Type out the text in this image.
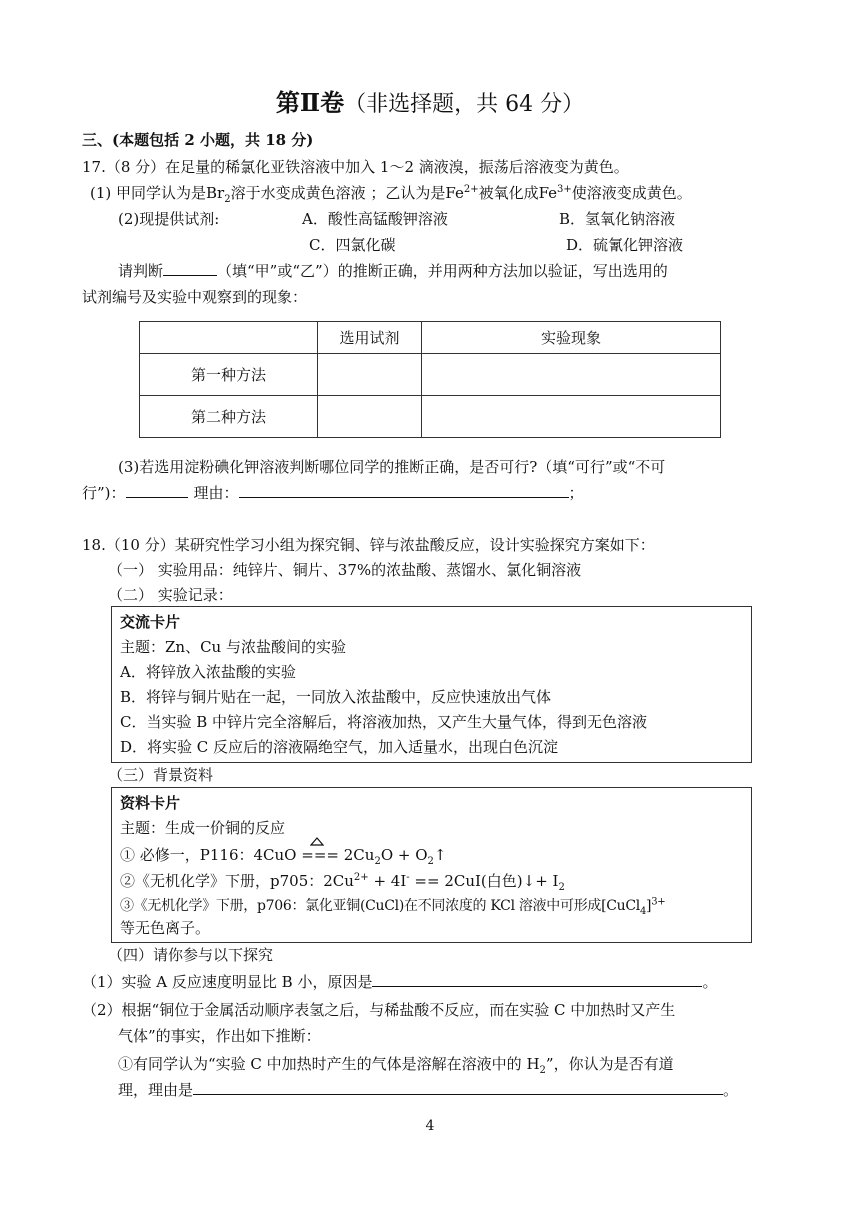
第Ⅱ卷（非选择题，共 64 分）
三、(本题包括 2 小题，共 18 分)
17.（8 分）在足量的稀氯化亚铁溶液中加入 1～2 滴液溴，振荡后溶液变为黄色。
(1) 甲同学认为是$Br_2$溶于水变成黄色溶液 ；乙认为是$Fe^{2+}$被氧化成$Fe^{3+}$使溶液变成黄色。
(2)现提供试剂:	A．酸性高锰酸钾溶液	B．氢氧化钠溶液
C．四氯化碳	D．硫氰化钾溶液
请判断	（填“甲”或“乙”）的推断正确，并用两种方法加以验证，写出选用的
试剂编号及实验中观察到的现象：
	选用试剂	实验现象
第一种方法		
第二种方法		
(3)若选用淀粉碘化钾溶液判断哪位同学的推断正确，是否可行?（填“可行”或“不可
行”)：	理由：	；
18.（10 分）某研究性学习小组为探究铜、锌与浓盐酸反应，设计实验探究方案如下：
（一） 实验用品：纯锌片、铜片、37%的浓盐酸、蒸馏水、氯化铜溶液
（二） 实验记录：
交流卡片
主题：Zn、Cu 与浓盐酸间的实验
A．将锌放入浓盐酸的实验
B．将锌与铜片贴在一起，一同放入浓盐酸中，反应快速放出气体
C．当实验 B 中锌片完全溶解后，将溶液加热，又产生大量气体，得到无色溶液
D．将实验 C 反应后的溶液隔绝空气，加入适量水，出现白色沉淀
（三）背景资料
资料卡片
主题：生成一价铜的反应
① 必修一，P116：4CuO === $2Cu_2O$ + $O_2↑$
②《无机化学》下册，p705：$2Cu^{2+} + 4I^- == 2CuI$(白色)↓+ $I_2$
③《无机化学》下册，p706：氯化亚铜(CuCl)在不同浓度的 KCl 溶液中可形成[CuCl$_4$]$^{3+}$
等无色离子。
（四）请你参与以下探究
（1）实验 A 反应速度明显比 B 小，原因是	。
（2）根据“铜位于金属活动顺序表氢之后，与稀盐酸不反应，而在实验 C 中加热时又产生
气体”的事实，作出如下推断：
①有同学认为“实验 C 中加热时产生的气体是溶解在溶液中的 $H_2$”，你认为是否有道
理，理由是	。
4
